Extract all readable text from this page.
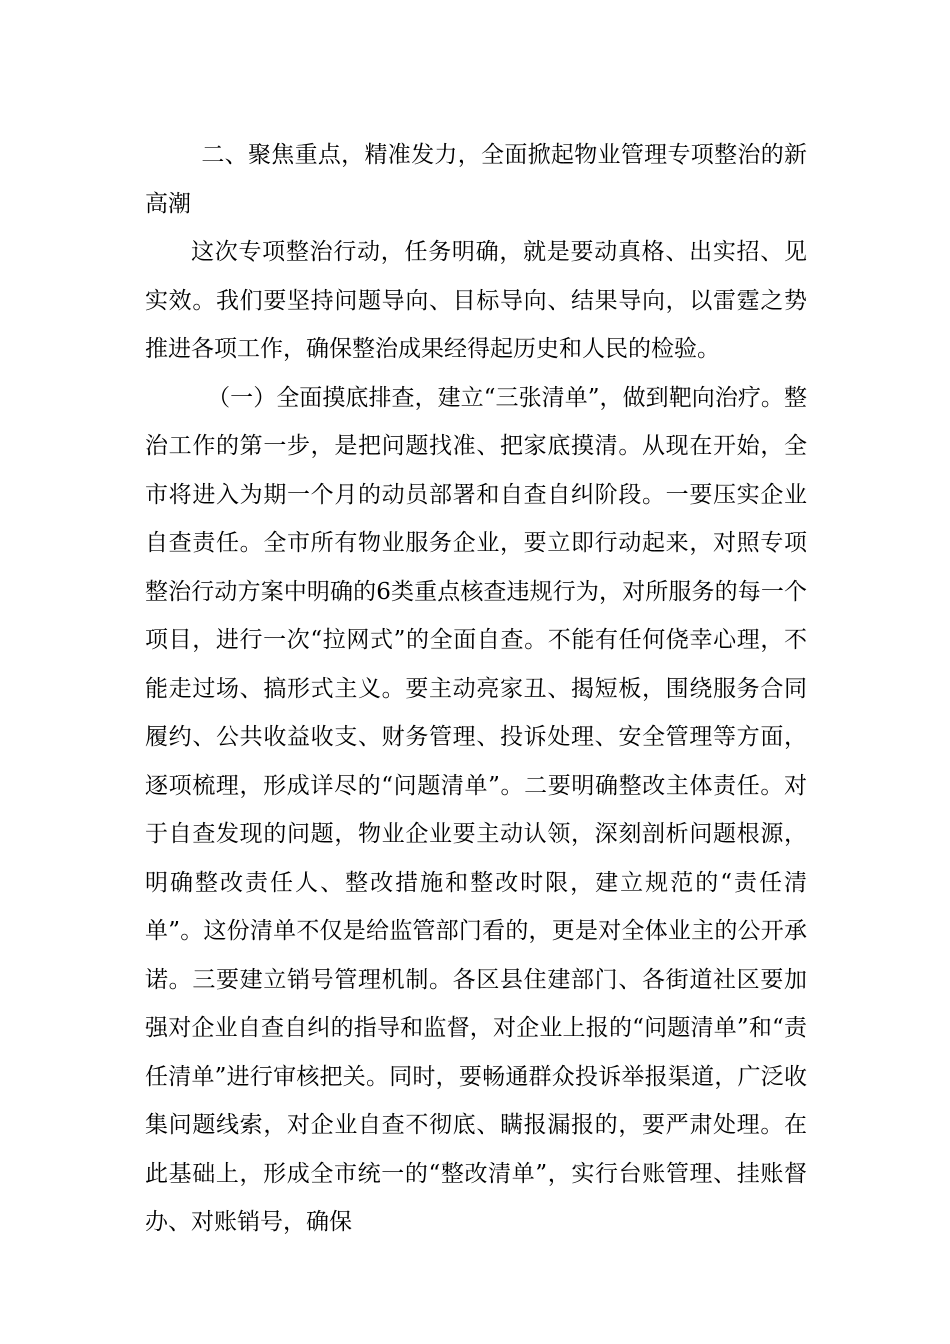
二、聚焦重点，精准发力，全面掀起物业管理专项整治的新高潮

这次专项整治行动，任务明确，就是要动真格、出实招、见实效。我们要坚持问题导向、目标导向、结果导向，以雷霆之势推进各项工作，确保整治成果经得起历史和人民的检验。

（一）全面摸底排查，建立“三张清单”，做到靶向治疗。整治工作的第一步，是把问题找准、把家底摸清。从现在开始，全市将进入为期一个月的动员部署和自查自纠阶段。一要压实企业自查责任。全市所有物业服务企业，要立即行动起来，对照专项整治行动方案中明确的6类重点核查违规行为，对所服务的每一个项目，进行一次“拉网式”的全面自查。不能有任何侥幸心理，不能走过场、搞形式主义。要主动亮家丑、揭短板，围绕服务合同履约、公共收益收支、财务管理、投诉处理、安全管理等方面，逐项梳理，形成详尽的“问题清单”。二要明确整改主体责任。对于自查发现的问题，物业企业要主动认领，深刻剖析问题根源，明确整改责任人、整改措施和整改时限，建立规范的“责任清单”。这份清单不仅是给监管部门看的，更是对全体业主的公开承诺。三要建立销号管理机制。各区县住建部门、各街道社区要加强对企业自查自纠的指导和监督，对企业上报的“问题清单”和“责任清单”进行审核把关。同时，要畅通群众投诉举报渠道，广泛收集问题线索，对企业自查不彻底、瞒报漏报的，要严肃处理。在此基础上，形成全市统一的“整改清单”，实行台账管理、挂账督办、对账销号，确保
